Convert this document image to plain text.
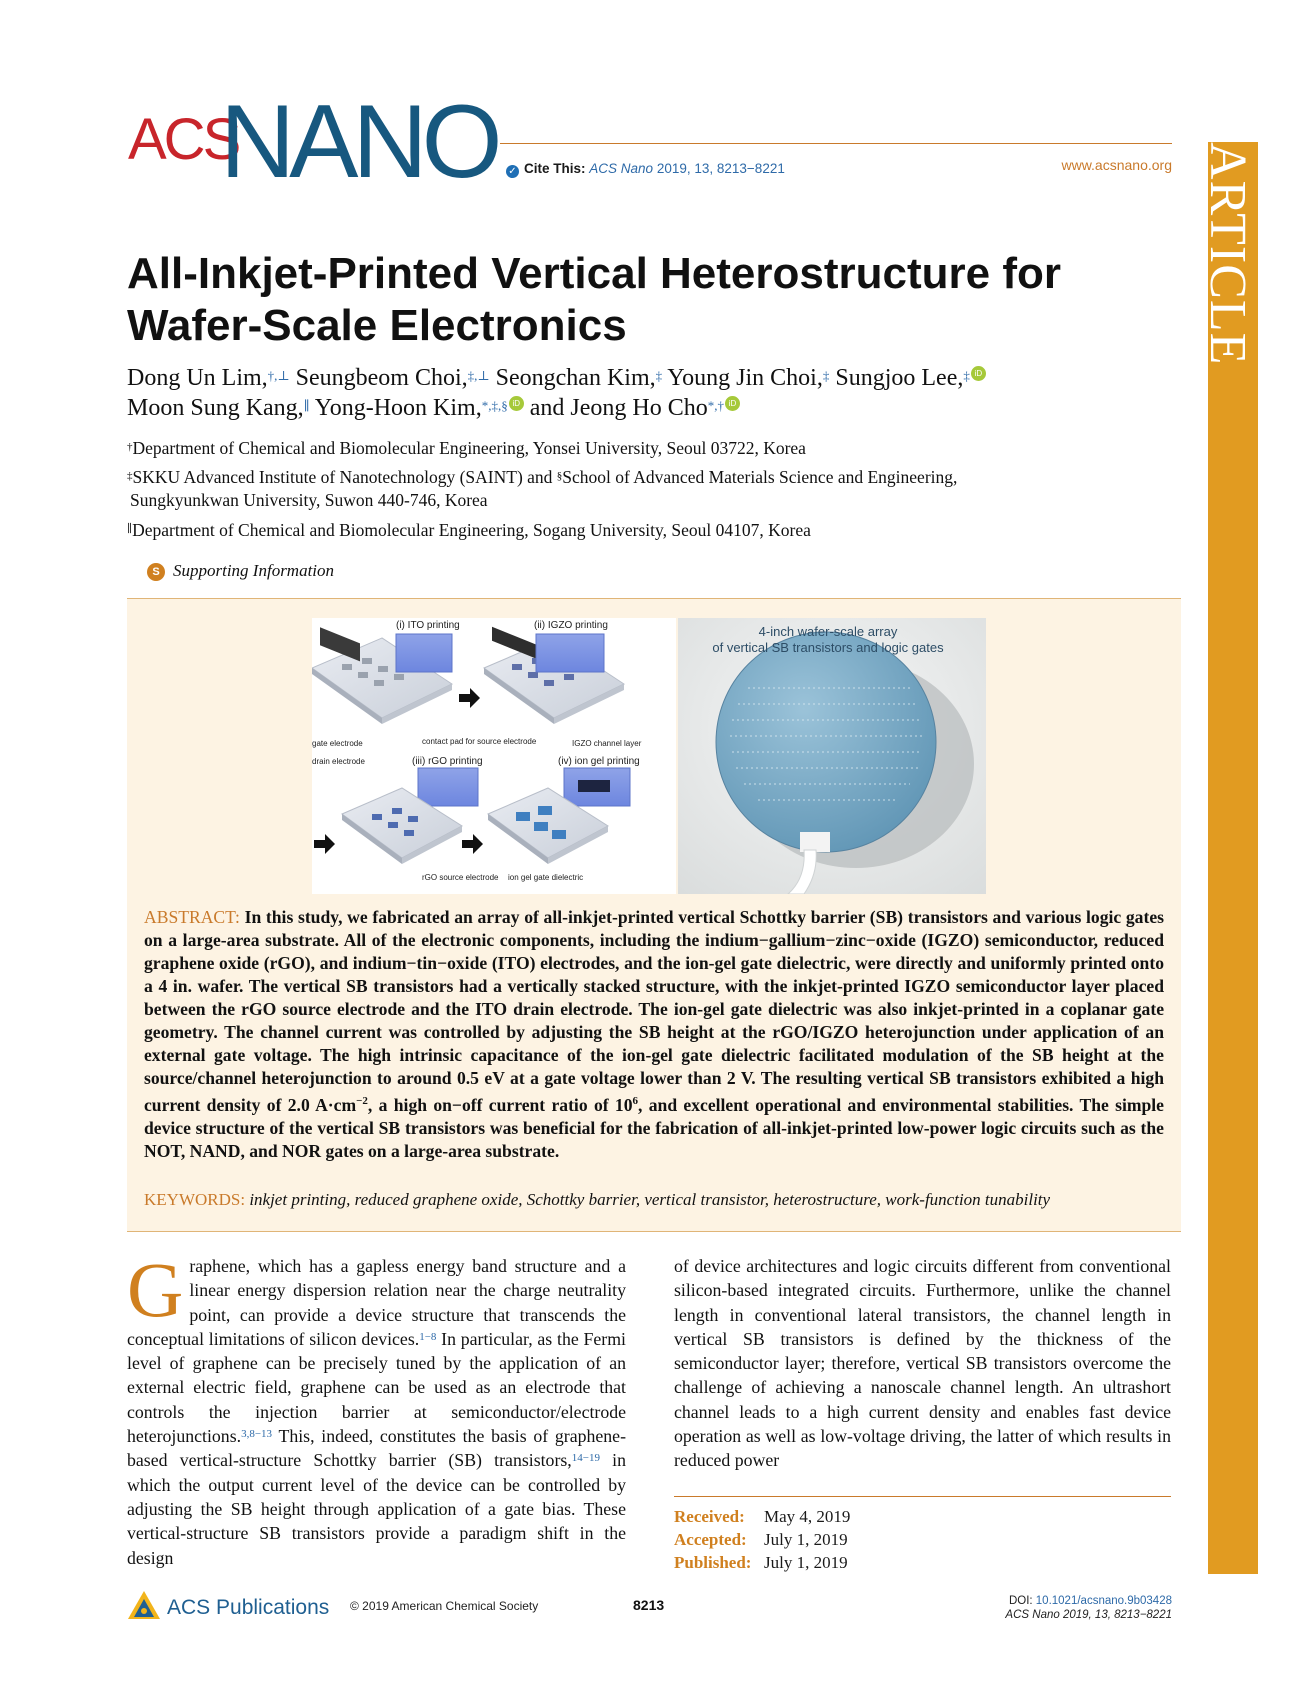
ACS
NANO ✓ Cite This: ACS Nano 2019, 13, 8213−8221	www.acsnano.org ARTICLE
All-Inkjet-Printed Vertical Heterostructure for
Wafer-Scale Electronics
Dong Un Lim,†,⊥ Seungbeom Choi,‡,⊥ Seongchan Kim,‡ Young Jin Choi,‡ Sungjoo Lee,‡ iD
Moon Sung Kang,∥ Yong-Hoon Kim,*,‡,§ iD and Jeong Ho Cho*,† iD
†Department of Chemical and Biomolecular Engineering, Yonsei University, Seoul 03722, Korea
‡SKKU Advanced Institute of Nanotechnology (SAINT) and §School of Advanced Materials Science and Engineering,
Sungkyunkwan University, Suwon 440-746, Korea
∥Department of Chemical and Biomolecular Engineering, Sogang University, Seoul 04107, Korea
S Supporting Information
(i) ITO printing
gate electrode
drain electrode
contact pad for source electrode
(ii) IGZO printing
IGZO channel layer
(iii) rGO printing
rGO source electrode
(iv) ion gel printing
ion gel gate dielectric
4-inch wafer-scale array
of vertical SB transistors and logic gates
ABSTRACT: In this study, we fabricated an array of all-inkjet-printed vertical Schottky barrier (SB) transistors and various logic gates on a large-area substrate. All of the electronic components, including the indium−gallium−zinc−oxide (IGZO) semiconductor, reduced graphene oxide (rGO), and indium−tin−oxide (ITO) electrodes, and the ion-gel gate dielectric, were directly and uniformly printed onto a 4 in. wafer. The vertical SB transistors had a vertically stacked structure, with the inkjet-printed IGZO semiconductor layer placed between the rGO source electrode and the ITO drain electrode. The ion-gel gate dielectric was also inkjet-printed in a coplanar gate geometry. The channel current was controlled by adjusting the SB height at the rGO/IGZO heterojunction under application of an external gate voltage. The high intrinsic capacitance of the ion-gel gate dielectric facilitated modulation of the SB height at the source/channel heterojunction to around 0.5 eV at a gate voltage lower than 2 V. The resulting vertical SB transistors exhibited a high current density of 2.0 $A\cdot cm^{-2}$, a high on−off current ratio of $10^6$, and excellent operational and environmental stabilities. The simple device structure of the vertical SB transistors was beneficial for the fabrication of all-inkjet-printed low-power logic circuits such as the NOT, NAND, and NOR gates on a large-area substrate.
KEYWORDS: inkjet printing, reduced graphene oxide, Schottky barrier, vertical transistor, heterostructure, work-function tunability
Graphene, which has a gapless energy band structure and a linear energy dispersion relation near the charge neutrality point, can provide a device structure that transcends the conceptual limitations of silicon devices.$^{1-8}$ In particular, as the Fermi level of graphene can be precisely tuned by the application of an external electric field, graphene can be used as an electrode that controls the injection barrier at semiconductor/electrode heterojunctions.$^{3,8-13}$ This, indeed, constitutes the basis of graphene-based vertical-structure Schottky barrier (SB) transistors,$^{14-19}$ in which the output current level of the device can be controlled by adjusting the SB height through application of a gate bias. These vertical-structure SB transistors provide a paradigm shift in the design
of device architectures and logic circuits different from conventional silicon-based integrated circuits. Furthermore, unlike the channel length in conventional lateral transistors, the channel length in vertical SB transistors is defined by the thickness of the semiconductor layer; therefore, vertical SB transistors overcome the challenge of achieving a nanoscale channel length. An ultrashort channel leads to a high current density and enables fast device operation as well as low-voltage driving, the latter of which results in reduced power
Received: May 4, 2019
Accepted: July 1, 2019
Published: July 1, 2019
ACS Publications © 2019 American Chemical Society	8213	DOI: 10.1021/acsnano.9b03428
ACS Nano 2019, 13, 8213−8221
